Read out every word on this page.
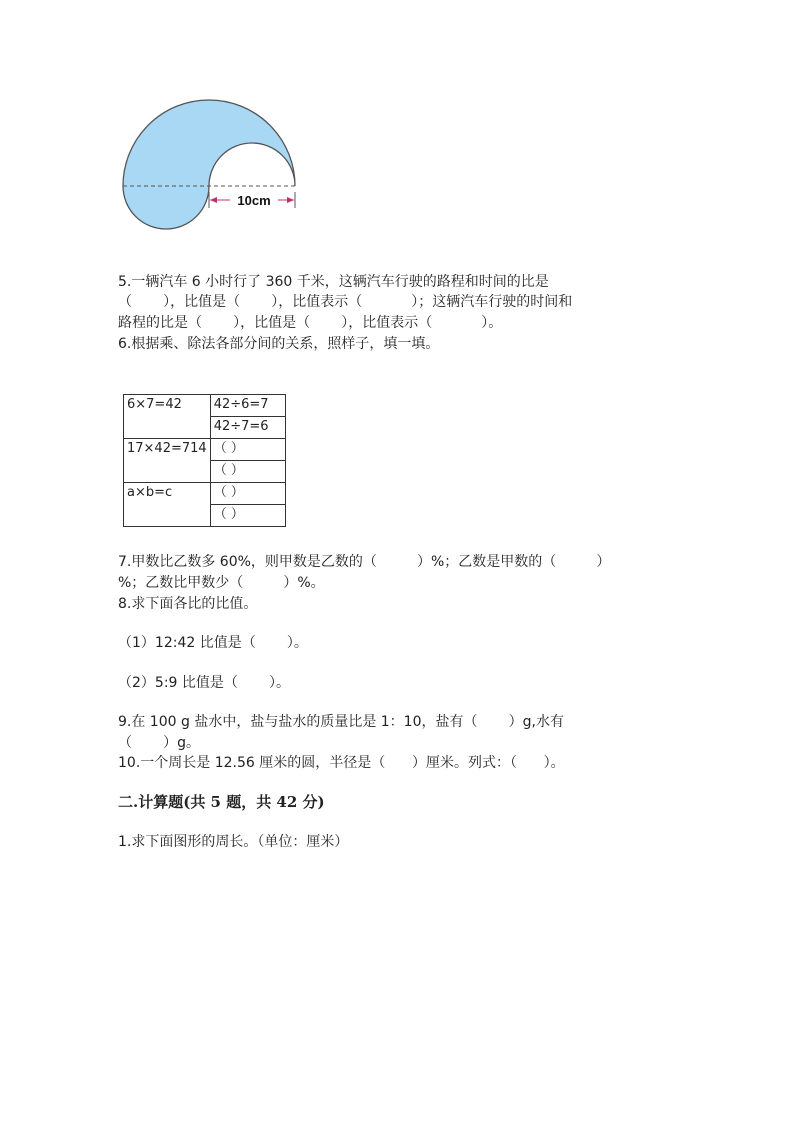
10cm
5.一辆汽车 6 小时行了 360 千米，这辆汽车行驶的路程和时间的比是
（       ），比值是（       ），比值表示（           ）；这辆汽车行驶的时间和
路程的比是（       ），比值是（       ），比值表示（           ）。
6.根据乘、除法各部分间的关系，照样子，填一填。
6×7=42	42÷6=7
	42÷7=6
17×42=714	（ ）
	（ ）
a×b=c	（ ）
	（ ）
7.甲数比乙数多 60%，则甲数是乙数的（         ）%；乙数是甲数的（         ）
%；乙数比甲数少（         ）%。
8.求下面各比的比值。
（1）12:42 比值是（       ）。
（2）5:9 比值是（       ）。
9.在 100 g 盐水中，盐与盐水的质量比是 1：10，盐有（       ）g,水有
（       ）g。
10.一个周长是 12.56 厘米的圆，半径是（      ）厘米。列式：（      ）。
二.计算题(共 5 题，共 42 分)
1.求下面图形的周长。（单位：厘米）
